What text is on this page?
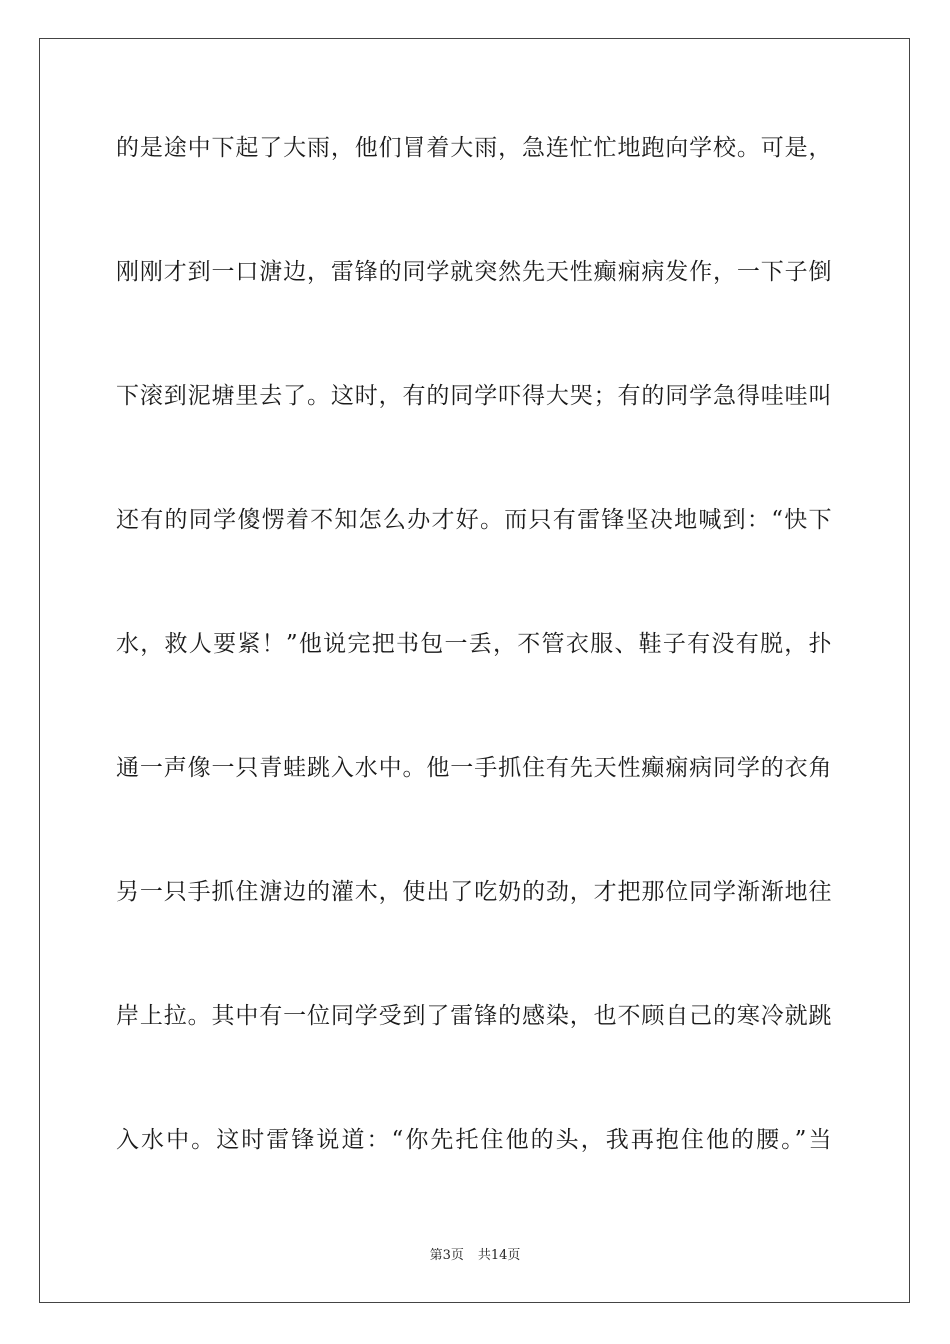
的是途中下起了大雨，他们冒着大雨，急连忙忙地跑向学校。可是，
刚刚才到一口溏边，雷锋的同学就突然先天性癫痫病发作，一下子倒
下滚到泥塘里去了。这时，有的同学吓得大哭；有的同学急得哇哇叫
还有的同学傻愣着不知怎么办才好。而只有雷锋坚决地喊到：“快下
水，救人要紧！”他说完把书包一丢，不管衣服、鞋子有没有脱，扑
通一声像一只青蛙跳入水中。他一手抓住有先天性癫痫病同学的衣角
另一只手抓住溏边的灌木，使出了吃奶的劲，才把那位同学渐渐地往
岸上拉。其中有一位同学受到了雷锋的感染，也不顾自己的寒冷就跳
入水中。这时雷锋说道：“你先托住他的头，我再抱住他的腰。”当
第3页 共14页
